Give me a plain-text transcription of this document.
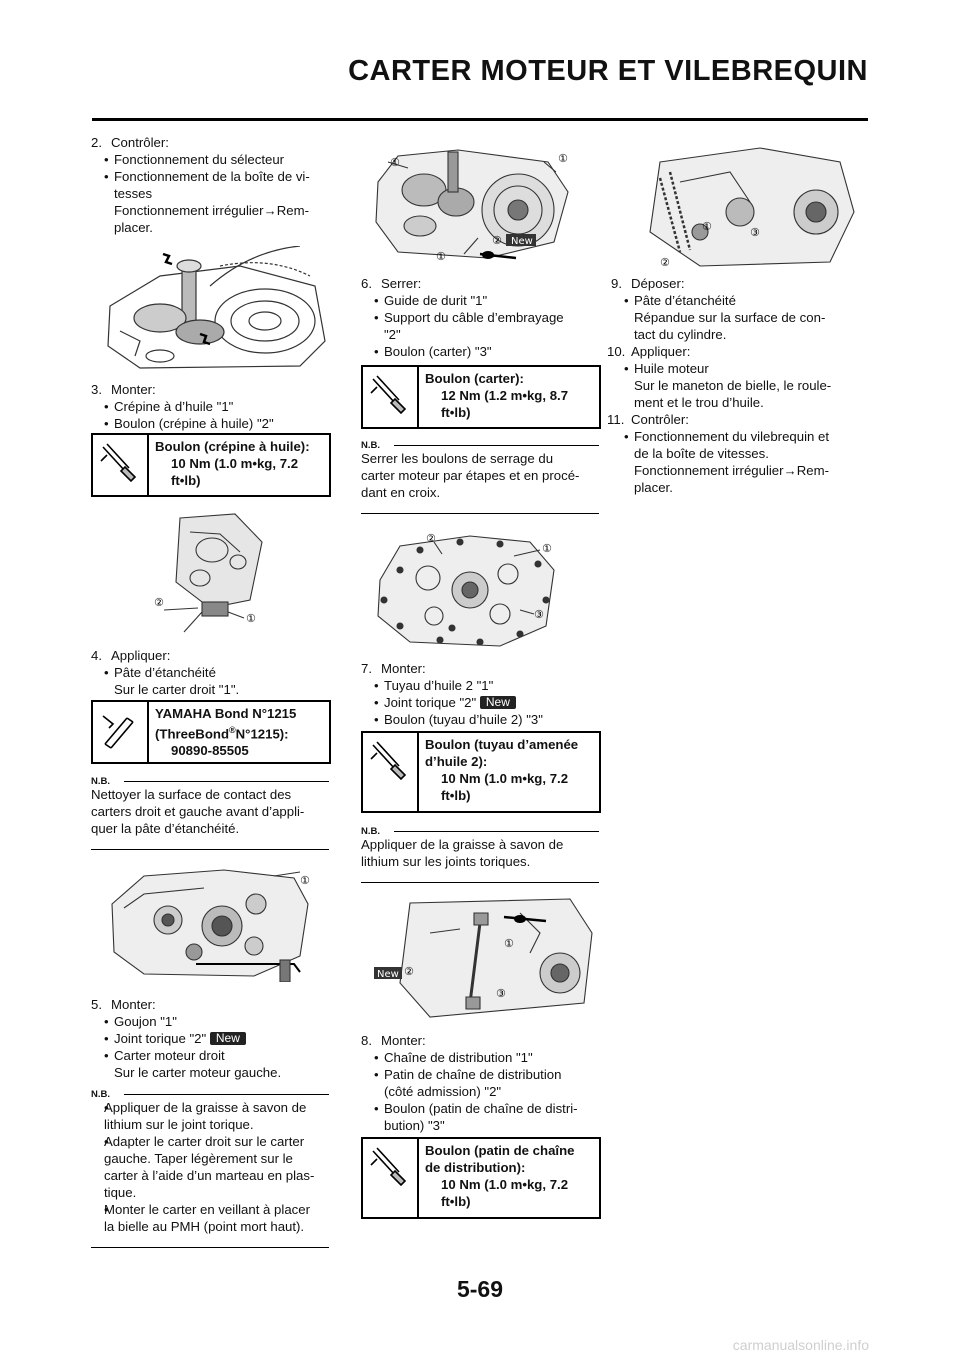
CARTER MOTEUR ET VILEBREQUIN
2. Contrôler:
• Fonctionnement du sélecteur
• Fonctionnement de la boîte de vi-
tesses
Fonctionnement irrégulier→Rem-
placer.
3. Monter:
• Crépine à d’huile "1"
• Boulon (crépine à huile) "2"
Boulon (crépine à huile):
10 Nm (1.0 m•kg, 7.2
ft•lb)
②
①
4. Appliquer:
• Pâte d’étanchéité
Sur le carter droit "1".
YAMAHA Bond N°1215
(ThreeBond®N°1215):
90890-85505
N.B.
Nettoyer la surface de contact des
carters droit et gauche avant d’appli-
quer la pâte d’étanchéité.
①
5. Monter:
• Goujon "1"
• Joint torique "2" New
• Carter moteur droit
Sur le carter moteur gauche.
N.B.
• Appliquer de la graisse à savon de
lithium sur le joint torique.
• Adapter le carter droit sur le carter
gauche. Taper légèrement sur le
carter à l’aide d’un marteau en plas-
tique.
• Monter le carter en veillant à placer
la bielle au PMH (point mort haut).
①	①
②
①
New
6. Serrer:
• Guide de durit "1"
• Support du câble d’embrayage
"2"
• Boulon (carter) "3"
Boulon (carter):
12 Nm (1.2 m•kg, 8.7
ft•lb)
N.B.
Serrer les boulons de serrage du
carter moteur par étapes et en procé-
dant en croix.
②
①
③
7. Monter:
• Tuyau d’huile 2 "1"
• Joint torique "2" New
• Boulon (tuyau d’huile 2) "3"
Boulon (tuyau d’amenée
d’huile 2):
10 Nm (1.0 m•kg, 7.2
ft•lb)
N.B.
Appliquer de la graisse à savon de
lithium sur les joints toriques.
①
②
③
New
8. Monter:
• Chaîne de distribution "1"
• Patin de chaîne de distribution
(côté admission) "2"
• Boulon (patin de chaîne de distri-
bution) "3"
Boulon (patin de chaîne
de distribution):
10 Nm (1.0 m•kg, 7.2
ft•lb)
①	③
②
9. Déposer:
• Pâte d’étanchéité
Répandue sur la surface de con-
tact du cylindre.
10. Appliquer:
• Huile moteur
Sur le maneton de bielle, le roule-
ment et le trou d’huile.
11. Contrôler:
• Fonctionnement du vilebrequin et
de la boîte de vitesses.
Fonctionnement irrégulier→Rem-
placer.
5-69
carmanualsonline.info
